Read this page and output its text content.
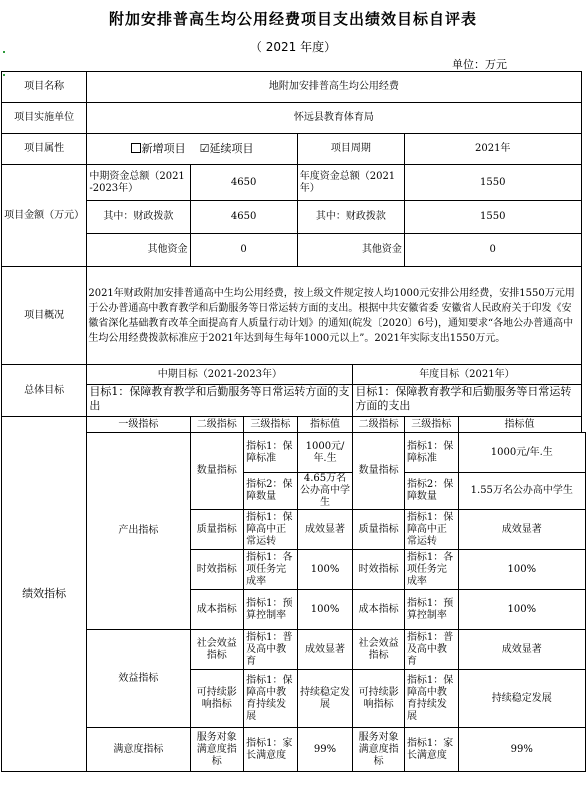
附加安排普高生均公用经费项目支出绩效目标自评表
（ 2021 年度）
单位：万元
项目名称	地附加安排普高生均公用经费							
项目实施单位	怀远县教育体育局							
项目属性	新增项目 ☑延续项目			项目周期		2021年		
项目金额（万元）	中期资金总额（2021-2023年）	4650		年度资金总额（2021年）		1550		
	其中：财政拨款	4650		其中：财政拨款		1550		
	其他资金	0		其他资金		0		
项目概况	2021年财政附加安排普通高中生均公用经费，按上级文件规定按人均1000元安排公用经费，安排1550万元用于公办普通高中教育教学和后勤服务等日常运转方面的支出。根据中共安徽省委 安徽省人民政府关于印发《安徽省深化基础教育改革全面提高育人质量行动计划》的通知(皖发〔2020〕6号)，通知要求“各地公办普通高中生均公用经费拨款标准应于2021年达到每生每年1000元以上”。2021年实际支出1550万元。							
总体目标	中期目标（2021-2023年）				年度目标（2021年）			
	目标1：保障教育教学和后勤服务等日常运转方面的支出				目标1：保障教育教学和后勤服务等日常运转方面的支出			
绩效指标	一级指标	二级指标	三级指标	指标值	二级指标	三级指标	指标值	
	产出指标	数量指标	指标1：保障标准	1000元/年.生	数量指标	指标1：保障标准	1000元/年.生	
			指标2：保障数量	4.65万名公办高中学生		指标2：保障数量	1.55万名公办高中学生	
		质量指标	指标1：保障高中正常运转	成效显著	质量指标	指标1：保障高中正常运转	成效显著	
		时效指标	指标1：各项任务完成率	100%	时效指标	指标1：各项任务完成率	100%	
		成本指标	指标1：预算控制率	100%	成本指标	指标1：预算控制率	100%	
	效益指标	社会效益指标	指标1：普及高中教育	成效显著	社会效益指标	指标1：普及高中教育	成效显著	
		可持续影响指标	指标1：保障高中教育持续发展	持续稳定发展	可持续影响指标	指标1：保障高中教育持续发展	持续稳定发展	
	满意度指标	服务对象满意度指标	指标1：家长满意度	99%	服务对象满意度指标	指标1：家长满意度	99%	
